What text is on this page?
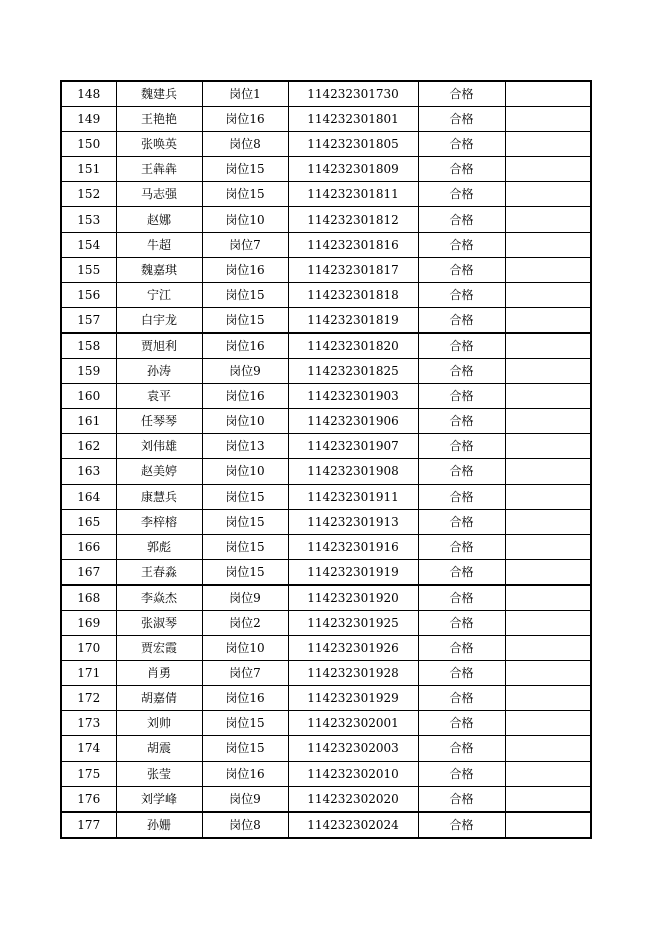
148	魏建兵	岗位1	114232301730	合格	
149	王艳艳	岗位16	114232301801	合格	
150	张唤英	岗位8	114232301805	合格	
151	王犇犇	岗位15	114232301809	合格	
152	马志强	岗位15	114232301811	合格	
153	赵娜	岗位10	114232301812	合格	
154	牛超	岗位7	114232301816	合格	
155	魏嘉琪	岗位16	114232301817	合格	
156	宁江	岗位15	114232301818	合格	
157	白宇龙	岗位15	114232301819	合格	
158	贾旭利	岗位16	114232301820	合格	
159	孙涛	岗位9	114232301825	合格	
160	袁平	岗位16	114232301903	合格	
161	任琴琴	岗位10	114232301906	合格	
162	刘伟雄	岗位13	114232301907	合格	
163	赵美婷	岗位10	114232301908	合格	
164	康慧兵	岗位15	114232301911	合格	
165	李梓榕	岗位15	114232301913	合格	
166	郭彪	岗位15	114232301916	合格	
167	王春淼	岗位15	114232301919	合格	
168	李焱杰	岗位9	114232301920	合格	
169	张淑琴	岗位2	114232301925	合格	
170	贾宏霞	岗位10	114232301926	合格	
171	肖勇	岗位7	114232301928	合格	
172	胡嘉倩	岗位16	114232301929	合格	
173	刘帅	岗位15	114232302001	合格	
174	胡震	岗位15	114232302003	合格	
175	张莹	岗位16	114232302010	合格	
176	刘学峰	岗位9	114232302020	合格	
177	孙姗	岗位8	114232302024	合格	
